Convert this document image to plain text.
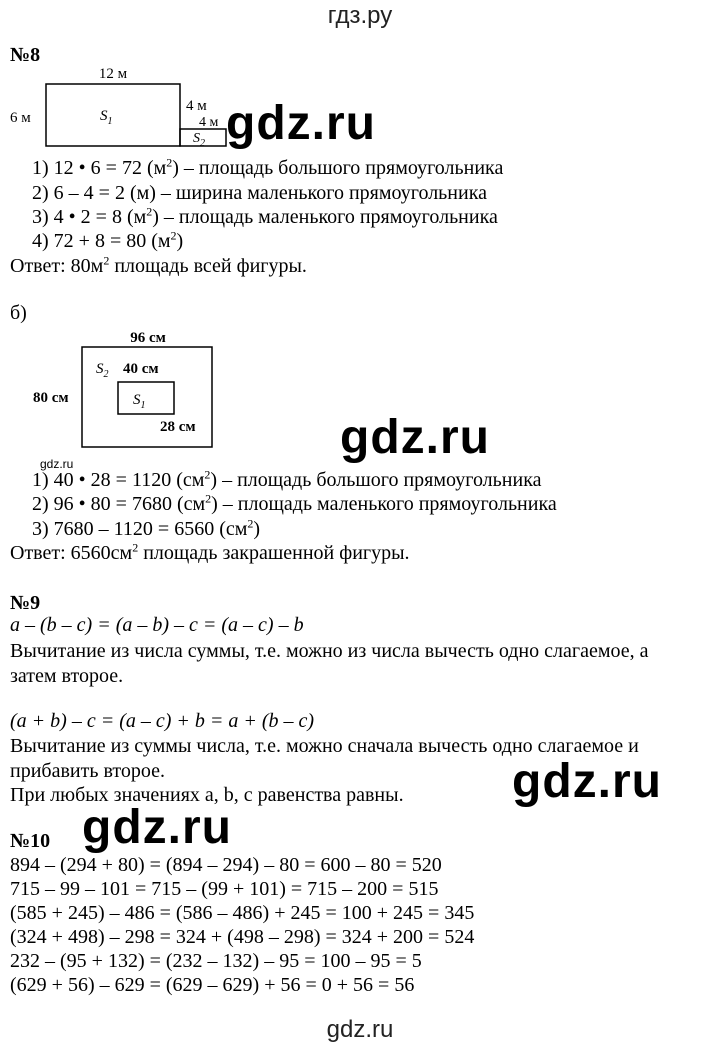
гдз.ру
№8
12 м
6 м
4 м
4 м
$S_1$
$S_2$ gdz.ru
1) 12 • 6 = 72 $(м^2)$ – площадь большого прямоугольника
2) 6 – 4 = 2 (м) – ширина маленького прямоугольника
3) 4 • 2 = 8 $(м^2)$ – площадь маленького прямоугольника
4) 72 + 8 = 80 $(м^2)$
Ответ: $80м^2$ площадь всей фигуры.
б)
96 см
80 см
40 см
28 см
$S_2$
$S_1$
gdz.ru
gdz.ru
1) 40 • 28 = 1120 $(см^2)$ – площадь большого прямоугольника
2) 96 • 80 = 7680 $(см^2)$ – площадь маленького прямоугольника
3) 7680 – 1120 = 6560 $(см^2)$
Ответ: $6560см^2$ площадь закрашенной фигуры.
№9
a – (b – c) = (a – b) – c = (a – c) – b
Вычитание из числа суммы, т.е. можно из числа вычесть одно слагаемое, а
затем второе.
(a + b) – c = (a – c) + b = a + (b – c)
Вычитание из суммы числа, т.е. можно сначала вычесть одно слагаемое и
прибавить второе.
При любых значениях a, b, c равенства равны. gdz.ru
№10 gdz.ru
894 – (294 + 80) = (894 – 294) – 80 = 600 – 80 = 520
715 – 99 – 101 = 715 – (99 + 101) = 715 – 200 = 515
(585 + 245) – 486 = (586 – 486) + 245 = 100 + 245 = 345
(324 + 498) – 298 = 324 + (498 – 298) = 324 + 200 = 524
232 – (95 + 132) = (232 – 132) – 95 = 100 – 95 = 5
(629 + 56) – 629 = (629 – 629) + 56 = 0 + 56 = 56
gdz.ru
